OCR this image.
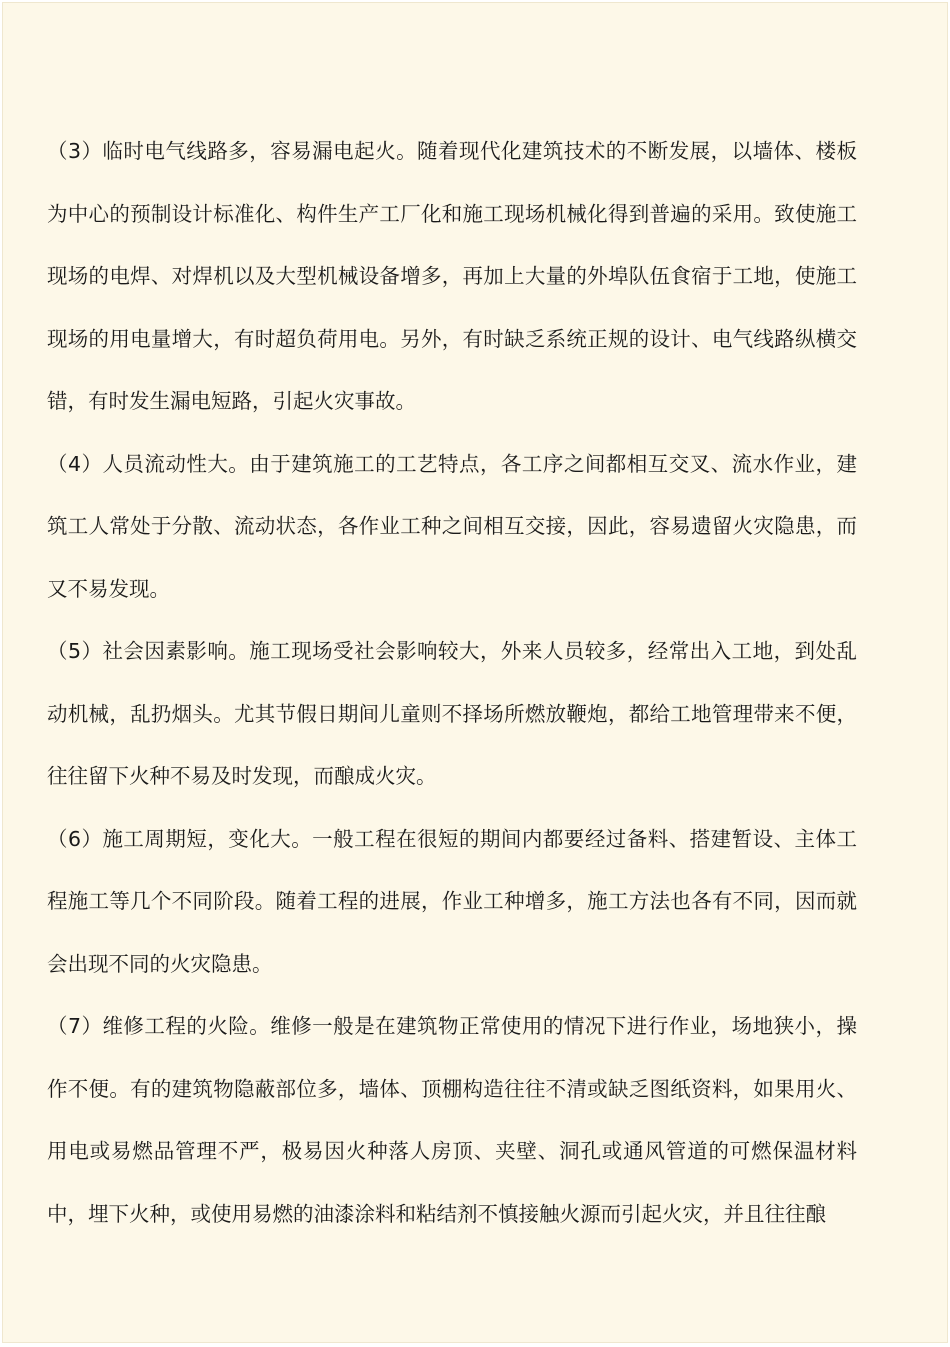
（3）临时电气线路多，容易漏电起火。随着现代化建筑技术的不断发展，以墙体、楼板为中心的预制设计标准化、构件生产工厂化和施工现场机械化得到普遍的采用。致使施工现场的电焊、对焊机以及大型机械设备增多，再加上大量的外埠队伍食宿于工地，使施工现场的用电量增大，有时超负荷用电。另外，有时缺乏系统正规的设计、电气线路纵横交错，有时发生漏电短路，引起火灾事故。

（4）人员流动性大。由于建筑施工的工艺特点，各工序之间都相互交叉、流水作业，建筑工人常处于分散、流动状态，各作业工种之间相互交接，因此，容易遗留火灾隐患，而又不易发现。

（5）社会因素影响。施工现场受社会影响较大，外来人员较多，经常出入工地，到处乱动机械，乱扔烟头。尤其节假日期间儿童则不择场所燃放鞭炮，都给工地管理带来不便，往往留下火种不易及时发现，而酿成火灾。

（6）施工周期短，变化大。一般工程在很短的期间内都要经过备料、搭建暂设、主体工程施工等几个不同阶段。随着工程的进展，作业工种增多，施工方法也各有不同，因而就会出现不同的火灾隐患。

（7）维修工程的火险。维修一般是在建筑物正常使用的情况下进行作业，场地狭小，操作不便。有的建筑物隐蔽部位多，墙体、顶棚构造往往不清或缺乏图纸资料，如果用火、用电或易燃品管理不严，极易因火种落人房顶、夹壁、洞孔或通风管道的可燃保温材料中，埋下火种，或使用易燃的油漆涂料和粘结剂不慎接触火源而引起火灾，并且往往酿
